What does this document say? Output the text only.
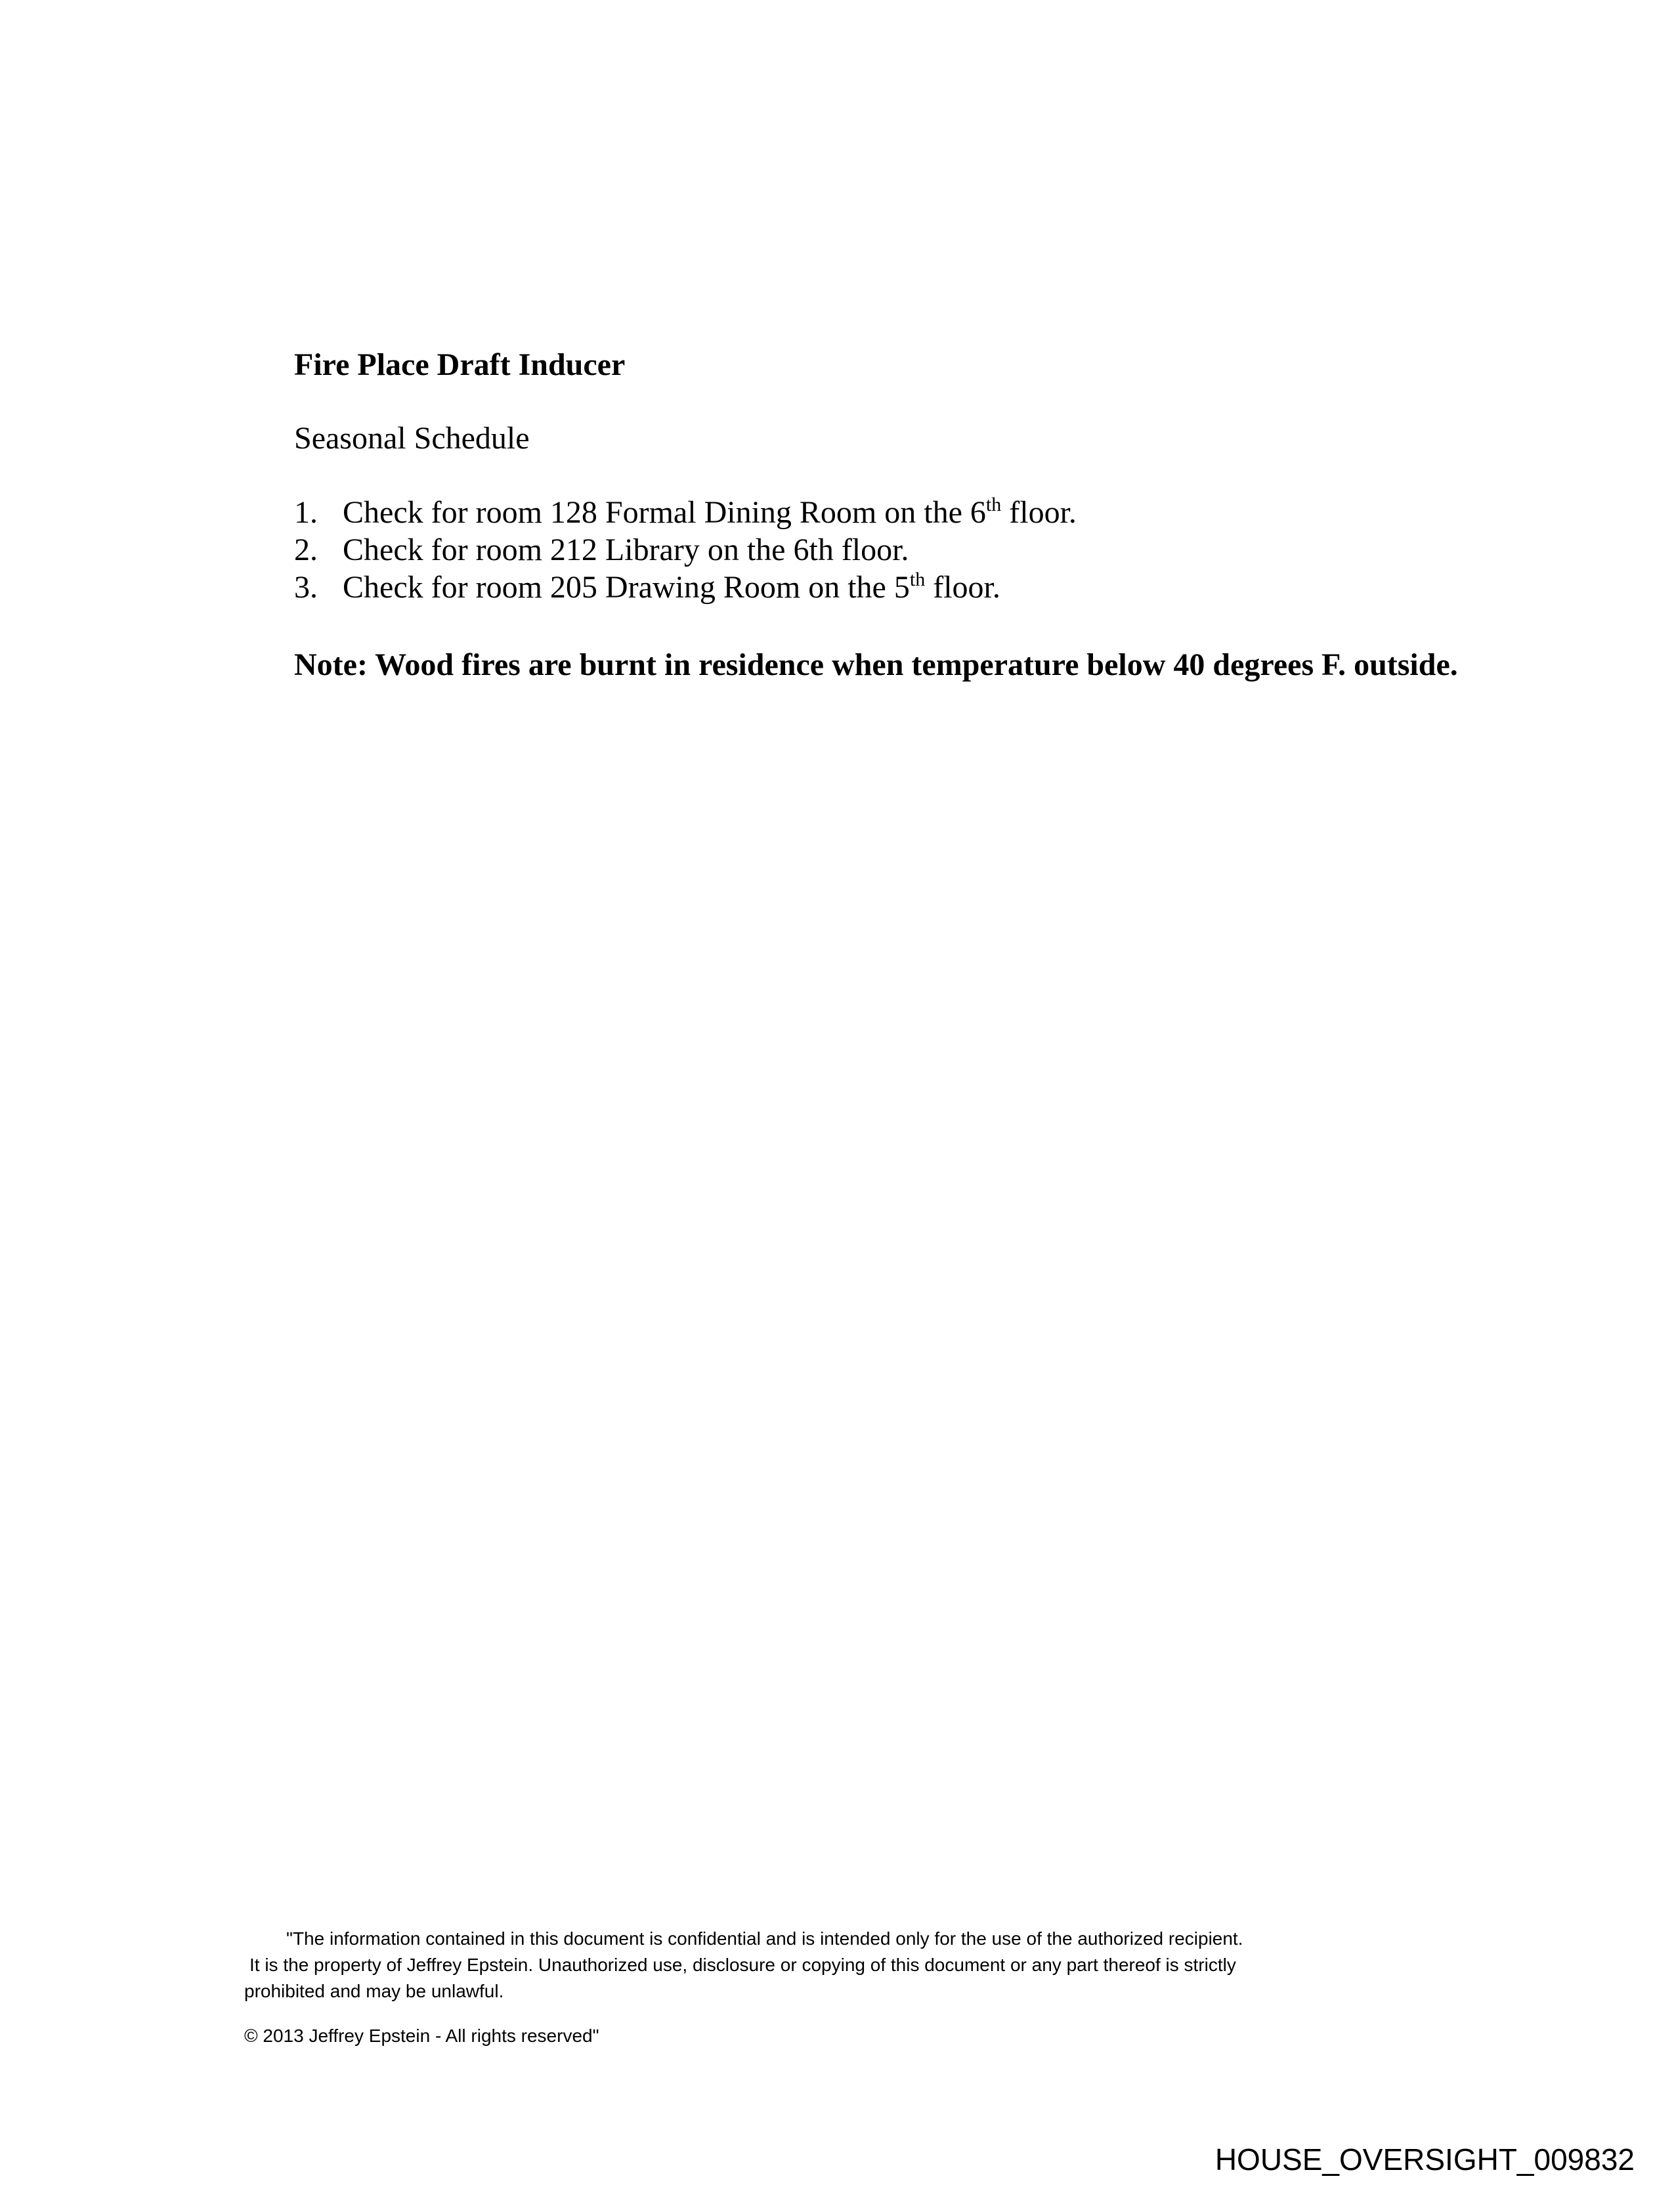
Fire Place Draft Inducer
Seasonal Schedule
1. Check for room 128 Formal Dining Room on the 6th floor.
2. Check for room 212 Library on the 6th floor.
3. Check for room 205 Drawing Room on the 5th floor.
Note: Wood fires are burnt in residence when temperature below 40 degrees F. outside.
"The information contained in this document is confidential and is intended only for the use of the authorized recipient.
It is the property of Jeffrey Epstein. Unauthorized use, disclosure or copying of this document or any part thereof is strictly
prohibited and may be unlawful.
© 2013 Jeffrey Epstein - All rights reserved"
HOUSE_OVERSIGHT_009832
